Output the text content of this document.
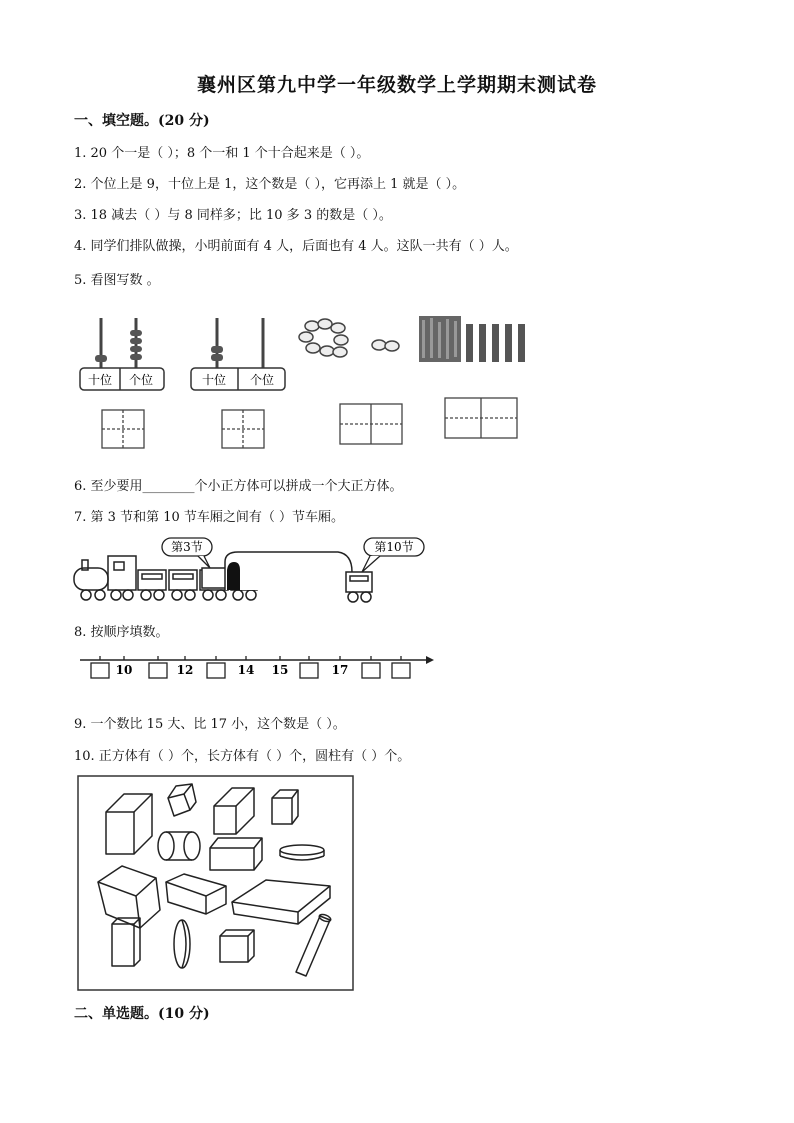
襄州区第九中学一年级数学上学期期末测试卷
一、填空题。(20 分)
1. 20 个一是（ ）；8 个一和 1 个十合起来是（ ）。
2. 个位上是 9，十位上是 1，这个数是（ ），它再添上 1 就是（ ）。
3. 18 减去（ ）与 8 同样多；比 10 多 3 的数是（ ）。
4. 同学们排队做操，小明前面有 4 人，后面也有 4 人。这队一共有（ ）人。
5. 看图写数 。
十位 个位	十位 个位
6. 至少要用________个小正方体可以拼成一个大正方体。
7. 第 3 节和第 10 节车厢之间有（ ）节车厢。
第3节	第10节
8. 按顺序填数。
10	12	14 15	17
9. 一个数比 15 大、比 17 小，这个数是（ ）。
10. 正方体有（ ）个，长方体有（ ）个，圆柱有（ ）个。
二、单选题。(10 分)
